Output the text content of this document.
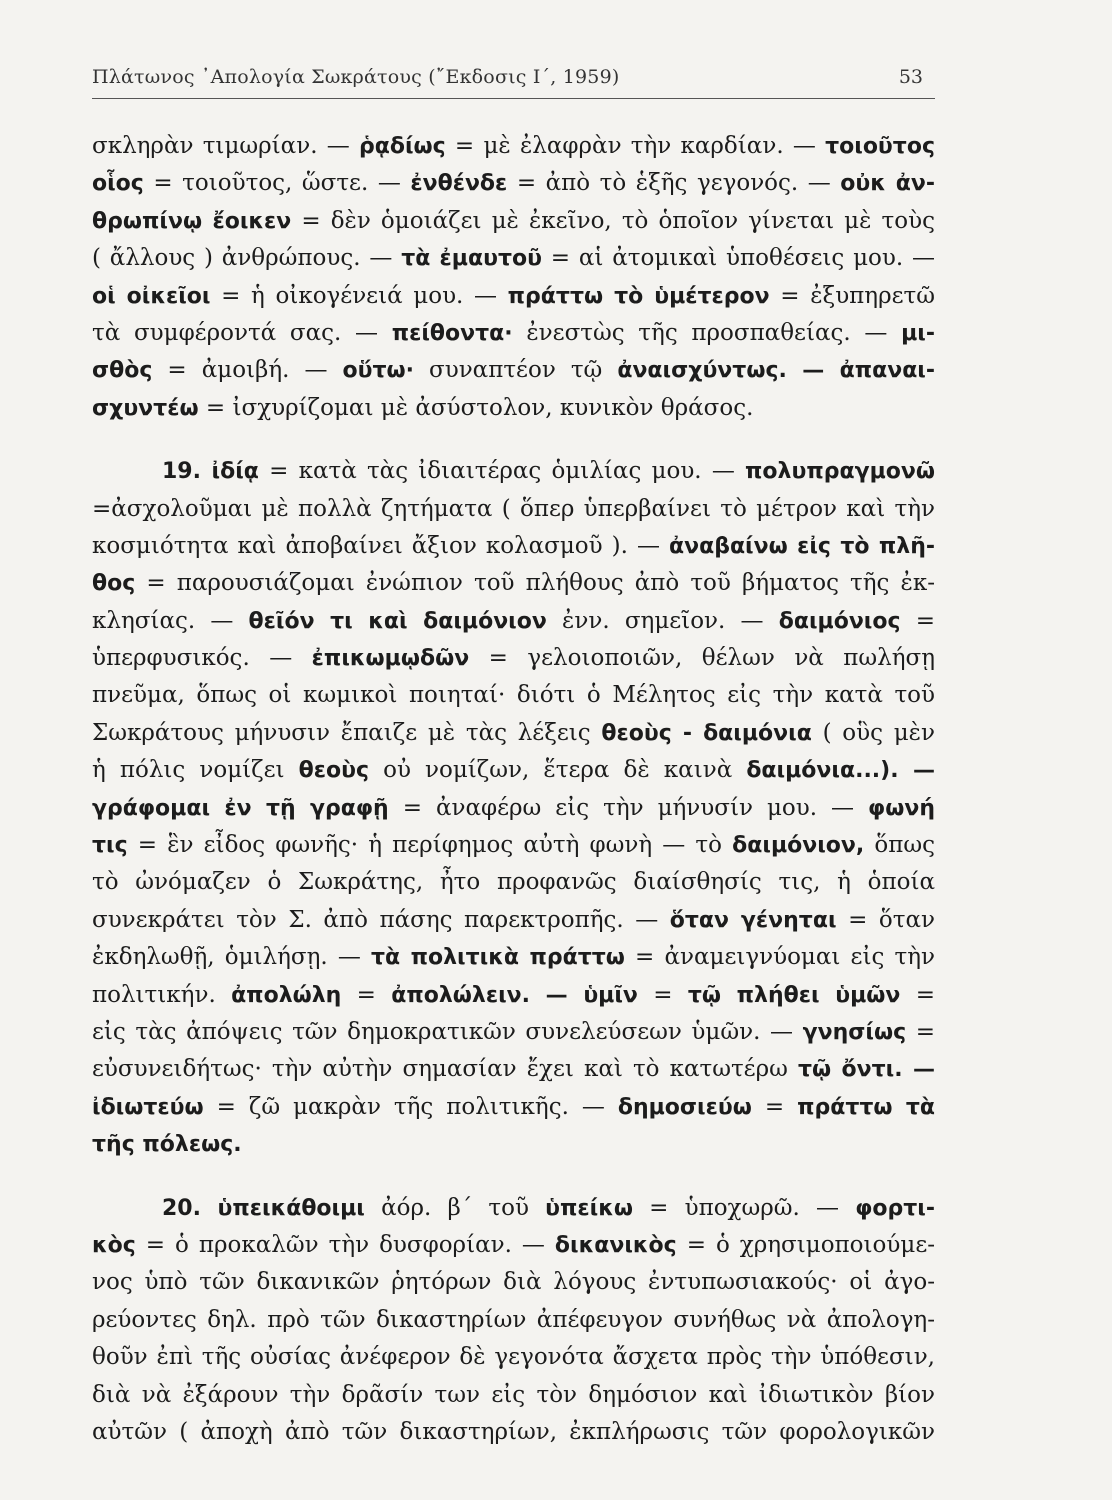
Πλάτωνος ᾿Απολογία Σωκράτους (῎Εκδοσις Ι΄, 1959)	53
σκληρὰν τιμωρίαν. — ῥᾳδίως = μὲ ἐλαφρὰν τὴν καρδίαν. — τοιοῦτος
οἷος = τοιοῦτος, ὥστε. — ἐνθένδε = ἀπὸ τὸ ἑξῆς γεγονός. — οὐκ ἀν-
θρωπίνῳ ἔοικεν = δὲν ὁμοιάζει μὲ ἐκεῖνο, τὸ ὁποῖον γίνεται μὲ τοὺς
( ἄλλους ) ἀνθρώπους. — τὰ ἐμαυτοῦ = αἱ ἀτομικαὶ ὑποθέσεις μου. —
οἱ οἰκεῖοι = ἡ οἰκογένειά μου. — πράττω τὸ ὑμέτερον = ἐξυπηρετῶ
τὰ συμφέροντά σας. — πείθοντα· ἐνεστὼς τῆς προσπαθείας. — μι-
σθὸς = ἀμοιβή. — οὕτω· συναπτέον τῷ ἀναισχύντως. — ἀπαναι-
σχυντέω = ἰσχυρίζομαι μὲ ἀσύστολον, κυνικὸν θράσος.
19. ἰδίᾳ = κατὰ τὰς ἰδιαιτέρας ὁμιλίας μου. — πολυπραγμονῶ
=ἀσχολοῦμαι μὲ πολλὰ ζητήματα ( ὅπερ ὑπερβαίνει τὸ μέτρον καὶ τὴν
κοσμιότητα καὶ ἀποβαίνει ἄξιον κολασμοῦ ). — ἀναβαίνω εἰς τὸ πλῆ-
θος = παρουσιάζομαι ἐνώπιον τοῦ πλήθους ἀπὸ τοῦ βήματος τῆς ἐκ-
κλησίας. — θεῖόν τι καὶ δαιμόνιον ἐνν. σημεῖον. — δαιμόνιος =
ὑπερφυσικός. — ἐπικωμῳδῶν = γελοιοποιῶν, θέλων νὰ πωλήσῃ
πνεῦμα, ὅπως οἱ κωμικοὶ ποιηταί· διότι ὁ Μέλητος εἰς τὴν κατὰ τοῦ
Σωκράτους μήνυσιν ἔπαιζε μὲ τὰς λέξεις θεοὺς - δαιμόνια ( οὓς μὲν
ἡ πόλις νομίζει θεοὺς οὐ νομίζων, ἕτερα δὲ καινὰ δαιμόνια...). —
γράφομαι ἐν τῇ γραφῇ = ἀναφέρω εἰς τὴν μήνυσίν μου. — φωνή
τις = ἓν εἶδος φωνῆς· ἡ περίφημος αὐτὴ φωνὴ — τὸ δαιμόνιον, ὅπως
τὸ ὠνόμαζεν ὁ Σωκράτης, ἦτο προφανῶς διαίσθησίς τις, ἡ ὁποία
συνεκράτει τὸν Σ. ἀπὸ πάσης παρεκτροπῆς. — ὅταν γένηται = ὅταν
ἐκδηλωθῇ, ὁμιλήσῃ. — τὰ πολιτικὰ πράττω = ἀναμειγνύομαι εἰς τὴν
πολιτικήν. ἀπολώλη = ἀπολώλειν. — ὑμῖν = τῷ πλήθει ὑμῶν =
εἰς τὰς ἀπόψεις τῶν δημοκρατικῶν συνελεύσεων ὑμῶν. — γνησίως =
εὐσυνειδήτως· τὴν αὐτὴν σημασίαν ἔχει καὶ τὸ κατωτέρω τῷ ὄντι. —
ἰδιωτεύω = ζῶ μακρὰν τῆς πολιτικῆς. — δημοσιεύω = πράττω τὰ
τῆς πόλεως.
20. ὑπεικάθοιμι ἀόρ. β΄ τοῦ ὑπείκω = ὑποχωρῶ. — φορτι-
κὸς = ὁ προκαλῶν τὴν δυσφορίαν. — δικανικὸς = ὁ χρησιμοποιούμε-
νος ὑπὸ τῶν δικανικῶν ῥητόρων διὰ λόγους ἐντυπωσιακούς· οἱ ἀγο-
ρεύοντες δηλ. πρὸ τῶν δικαστηρίων ἀπέφευγον συνήθως νὰ ἀπολογη-
θοῦν ἐπὶ τῆς οὐσίας ἀνέφερον δὲ γεγονότα ἄσχετα πρὸς τὴν ὑπόθεσιν,
διὰ νὰ ἐξάρουν τὴν δρᾶσίν των εἰς τὸν δημόσιον καὶ ἰδιωτικὸν βίον
αὐτῶν ( ἀποχὴ ἀπὸ τῶν δικαστηρίων, ἐκπλήρωσις τῶν φορολογικῶν
